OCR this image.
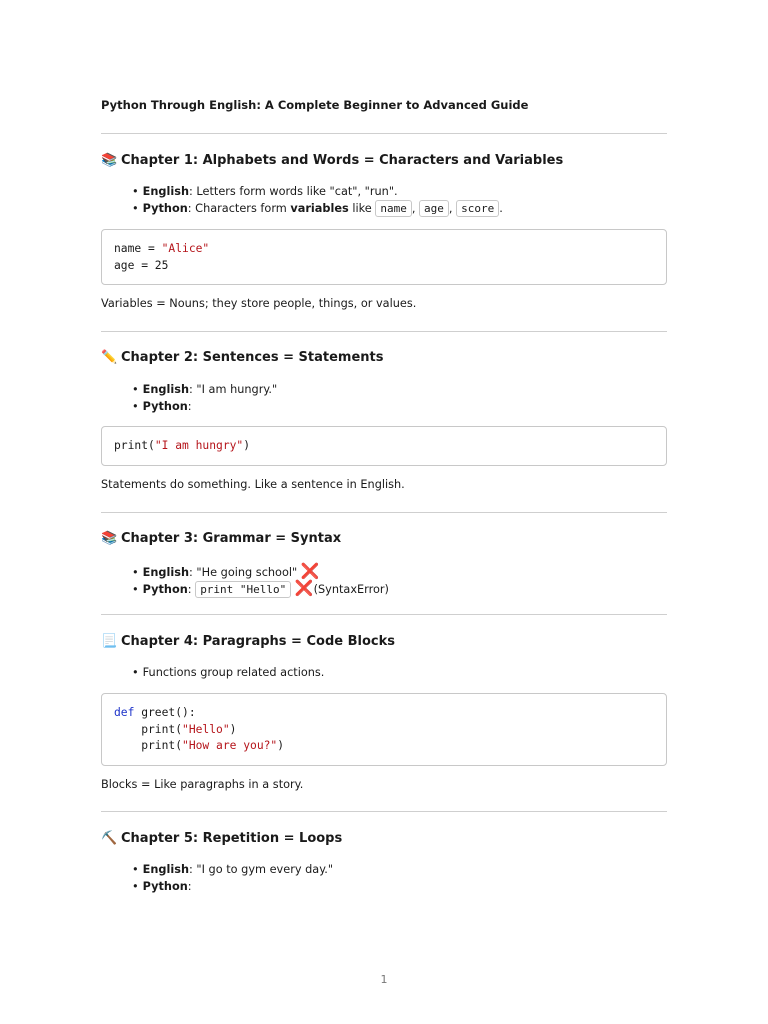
Python Through English: A Complete Beginner to Advanced Guide
📚 Chapter 1: Alphabets and Words = Characters and Variables
• English: Letters form words like "cat", "run".
• Python: Characters form variables like name , age , score .
name = "Alice"
age = 25
Variables = Nouns; they store people, things, or values.
✏️ Chapter 2: Sentences = Statements
• English: "I am hungry."
• Python:
print("I am hungry")
Statements do something. Like a sentence in English.
📚 Chapter 3: Grammar = Syntax
• English: "He going school" ❌
• Python: print "Hello" ❌(SyntaxError)
📃 Chapter 4: Paragraphs = Code Blocks
• Functions group related actions.
def greet():
print("Hello")
print("How are you?")
Blocks = Like paragraphs in a story.
⛏️ Chapter 5: Repetition = Loops
• English: "I go to gym every day."
• Python:
1
